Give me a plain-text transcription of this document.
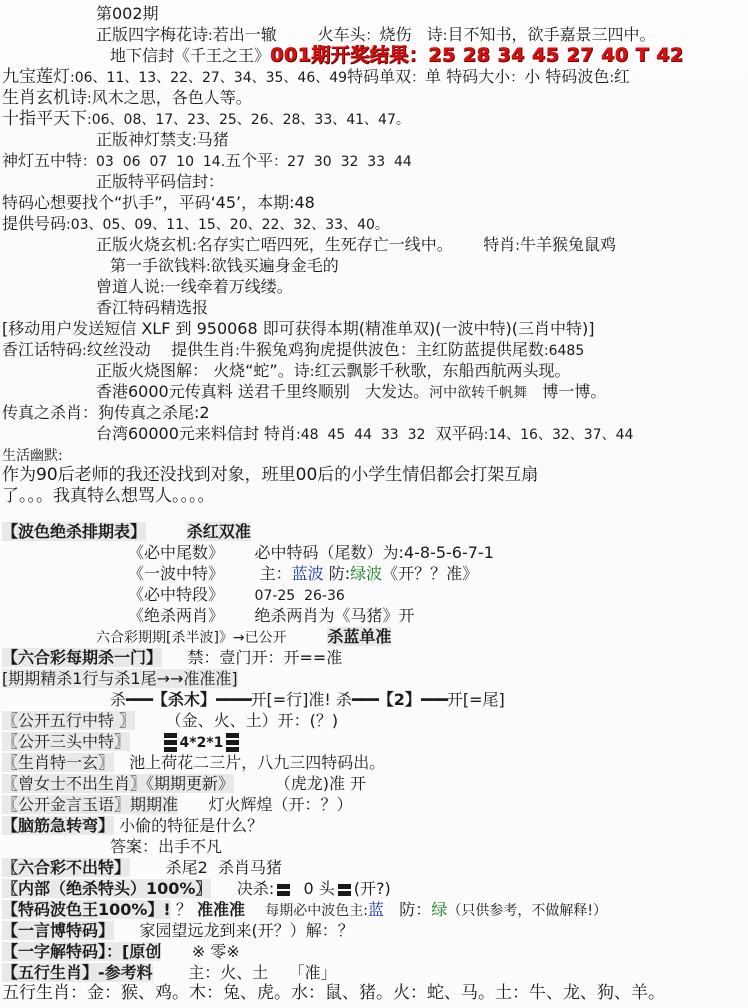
第002期
正版四字梅花诗:若出一辙	火车头：烧伤 诗:目不知书，欲手嘉景三四中。
地下信封《千王之王》001期开奖结果：25 28 34 45 27 40 T 42
九宝莲灯:06、11、13、22、27、34、35、46、49特码单双：单 特码大小：小 特码波色:红
生肖玄机诗:风木之思，各色人等。
十指平天下:06、08、17、23、25、26、28、33、41、47。
正版神灯禁支:马猪
神灯五中特：03  06  07  10  14.五个平：27  30  32  33  44
正版特平码信封：
特码心想要找个“扒手”，平码‘45’，本期:48
提供号码:03、05、09、11、15、20、22、32、33、40。
正版火烧玄机:名存实亡唔四死，生死存亡一线中。 特肖:牛羊猴兔鼠鸡
第一手欲钱料:欲钱买遍身金毛的
曾道人说:一线牵着万线缕。
香江特码精选报
[移动用户发送短信 XLF 到 950068 即可获得本期(精准单双)(一波中特)(三肖中特)]
香江话特码:纹丝没动 提供生肖:牛猴兔鸡狗虎提供波色：主红防蓝提供尾数:6485
正版火烧图解： 火烧“蛇”。诗:红云飘影千秋歌，东船西航两头现。
香港6000元传真料 送君千里终顺别 大发达。河中欲转千帆舞 博一博。
传真之杀肖：狗传真之杀尾:2
台湾60000元来料信封 特肖:48  45  44  33  32 双平码:14、16、32、37、44
生活幽默:
作为90后老师的我还没找到对象，班里00后的小学生情侣都会打架互扇
了。。。我真特么想骂人。。。。
【波色绝杀排期表】	杀红双准
《必中尾数》 必中特码（尾数）为:4-8-5-6-7-1
《一波中特》 主：蓝波 防:绿波《开？？准》
《必中特段》 07-25  26-36
《绝杀两肖》 绝杀两肖为《马猪》开
六合彩期期[杀半波]》→已公开	杀蓝单准
【六合彩每期杀一门】 禁：壹门开：开==准
[期期精杀1行与杀1尾→→准准准]
杀━━━【杀木】━━━━开[=行]准! 杀━━━【2】━━━开[=尾]
〖公开五行中特 〗 （金、火、土）开：(？)
〖公开三头中特〗	4*2*1
〖生肖特一玄〗 池上荷花二三片，八九三四特码出。
〖曾女士不出生肖〗《期期更新》	（虎龙)准 开
〖公开金言玉语〗期期准 灯火辉煌（开：？）
【脑筋急转弯】 小偷的特征是什么？
答案：出手不凡
〖六合彩不出特】 杀尾2 杀肖马猪
〖内部（绝杀特头）100%〗 决杀: 0 头 (开?)
【特码波色王100%】! ？ 准准准 每期必中波色主:蓝 防：绿（只供参考，不做解释!）
【一言博特码】 家园望远龙到来(开？）解：？
【一字解特码】：[原创 ※ 零※
【五行生肖】-参考料 主：火、土 「准」
五行生肖：金：猴、鸡。木：兔、虎。水：鼠、猪。火：蛇、马。土：牛、龙、狗、羊。
